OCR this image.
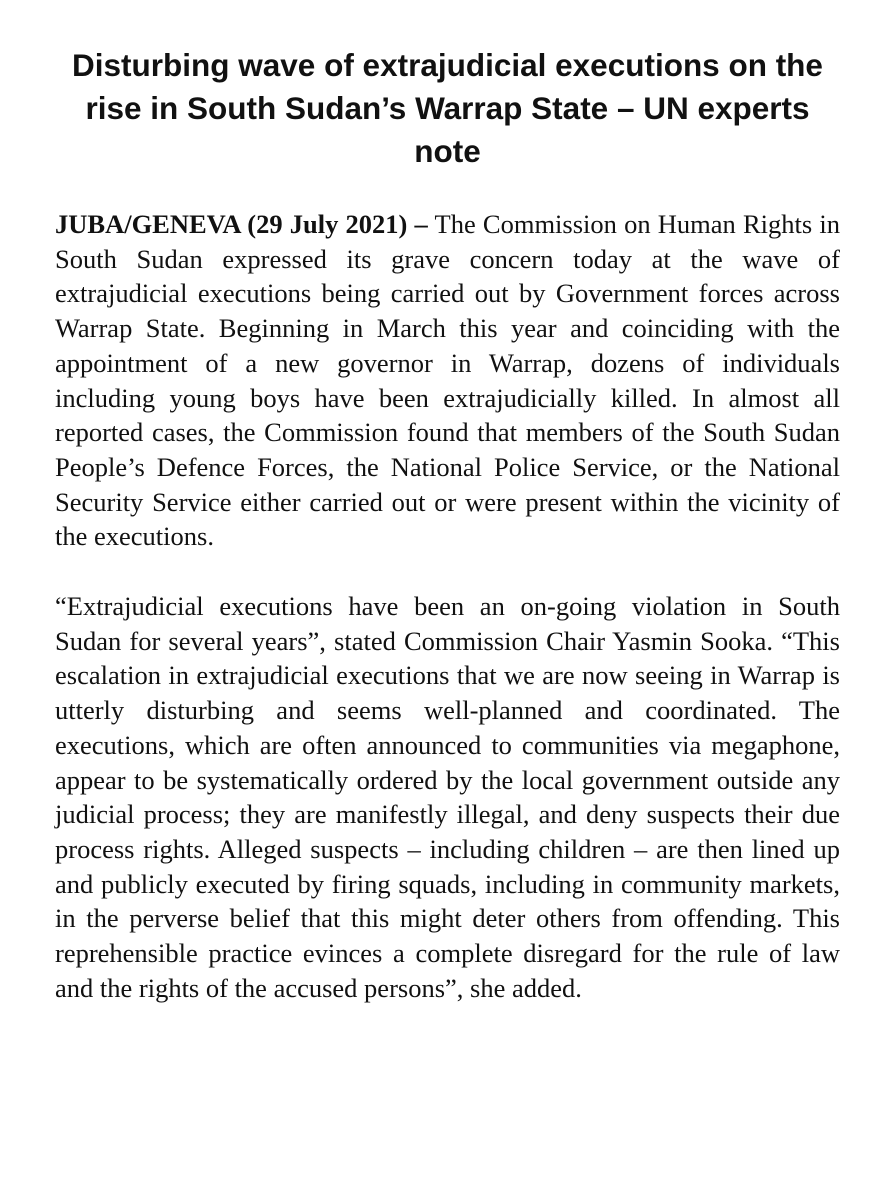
Disturbing wave of extrajudicial executions on the rise in South Sudan’s Warrap State – UN experts note

JUBA/GENEVA (29 July 2021) – The Commission on Human Rights in South Sudan expressed its grave concern today at the wave of extrajudicial executions being carried out by Government forces across Warrap State. Beginning in March this year and coinciding with the appointment of a new governor in Warrap, dozens of individuals including young boys have been extrajudicially killed. In almost all reported cases, the Commission found that members of the South Sudan People’s Defence Forces, the National Police Service, or the National Security Service either carried out or were present within the vicinity of the executions.

“Extrajudicial executions have been an on-going violation in South Sudan for several years”, stated Commission Chair Yasmin Sooka. “This escalation in extrajudicial executions that we are now seeing in Warrap is utterly disturbing and seems well-planned and coordinated. The executions, which are often announced to communities via megaphone, appear to be systematically ordered by the local government outside any judicial process; they are manifestly illegal, and deny suspects their due process rights. Alleged suspects – including children – are then lined up and publicly executed by firing squads, including in community markets, in the perverse belief that this might deter others from offending. This reprehensible practice evinces a complete disregard for the rule of law and the rights of the accused persons”, she added.
